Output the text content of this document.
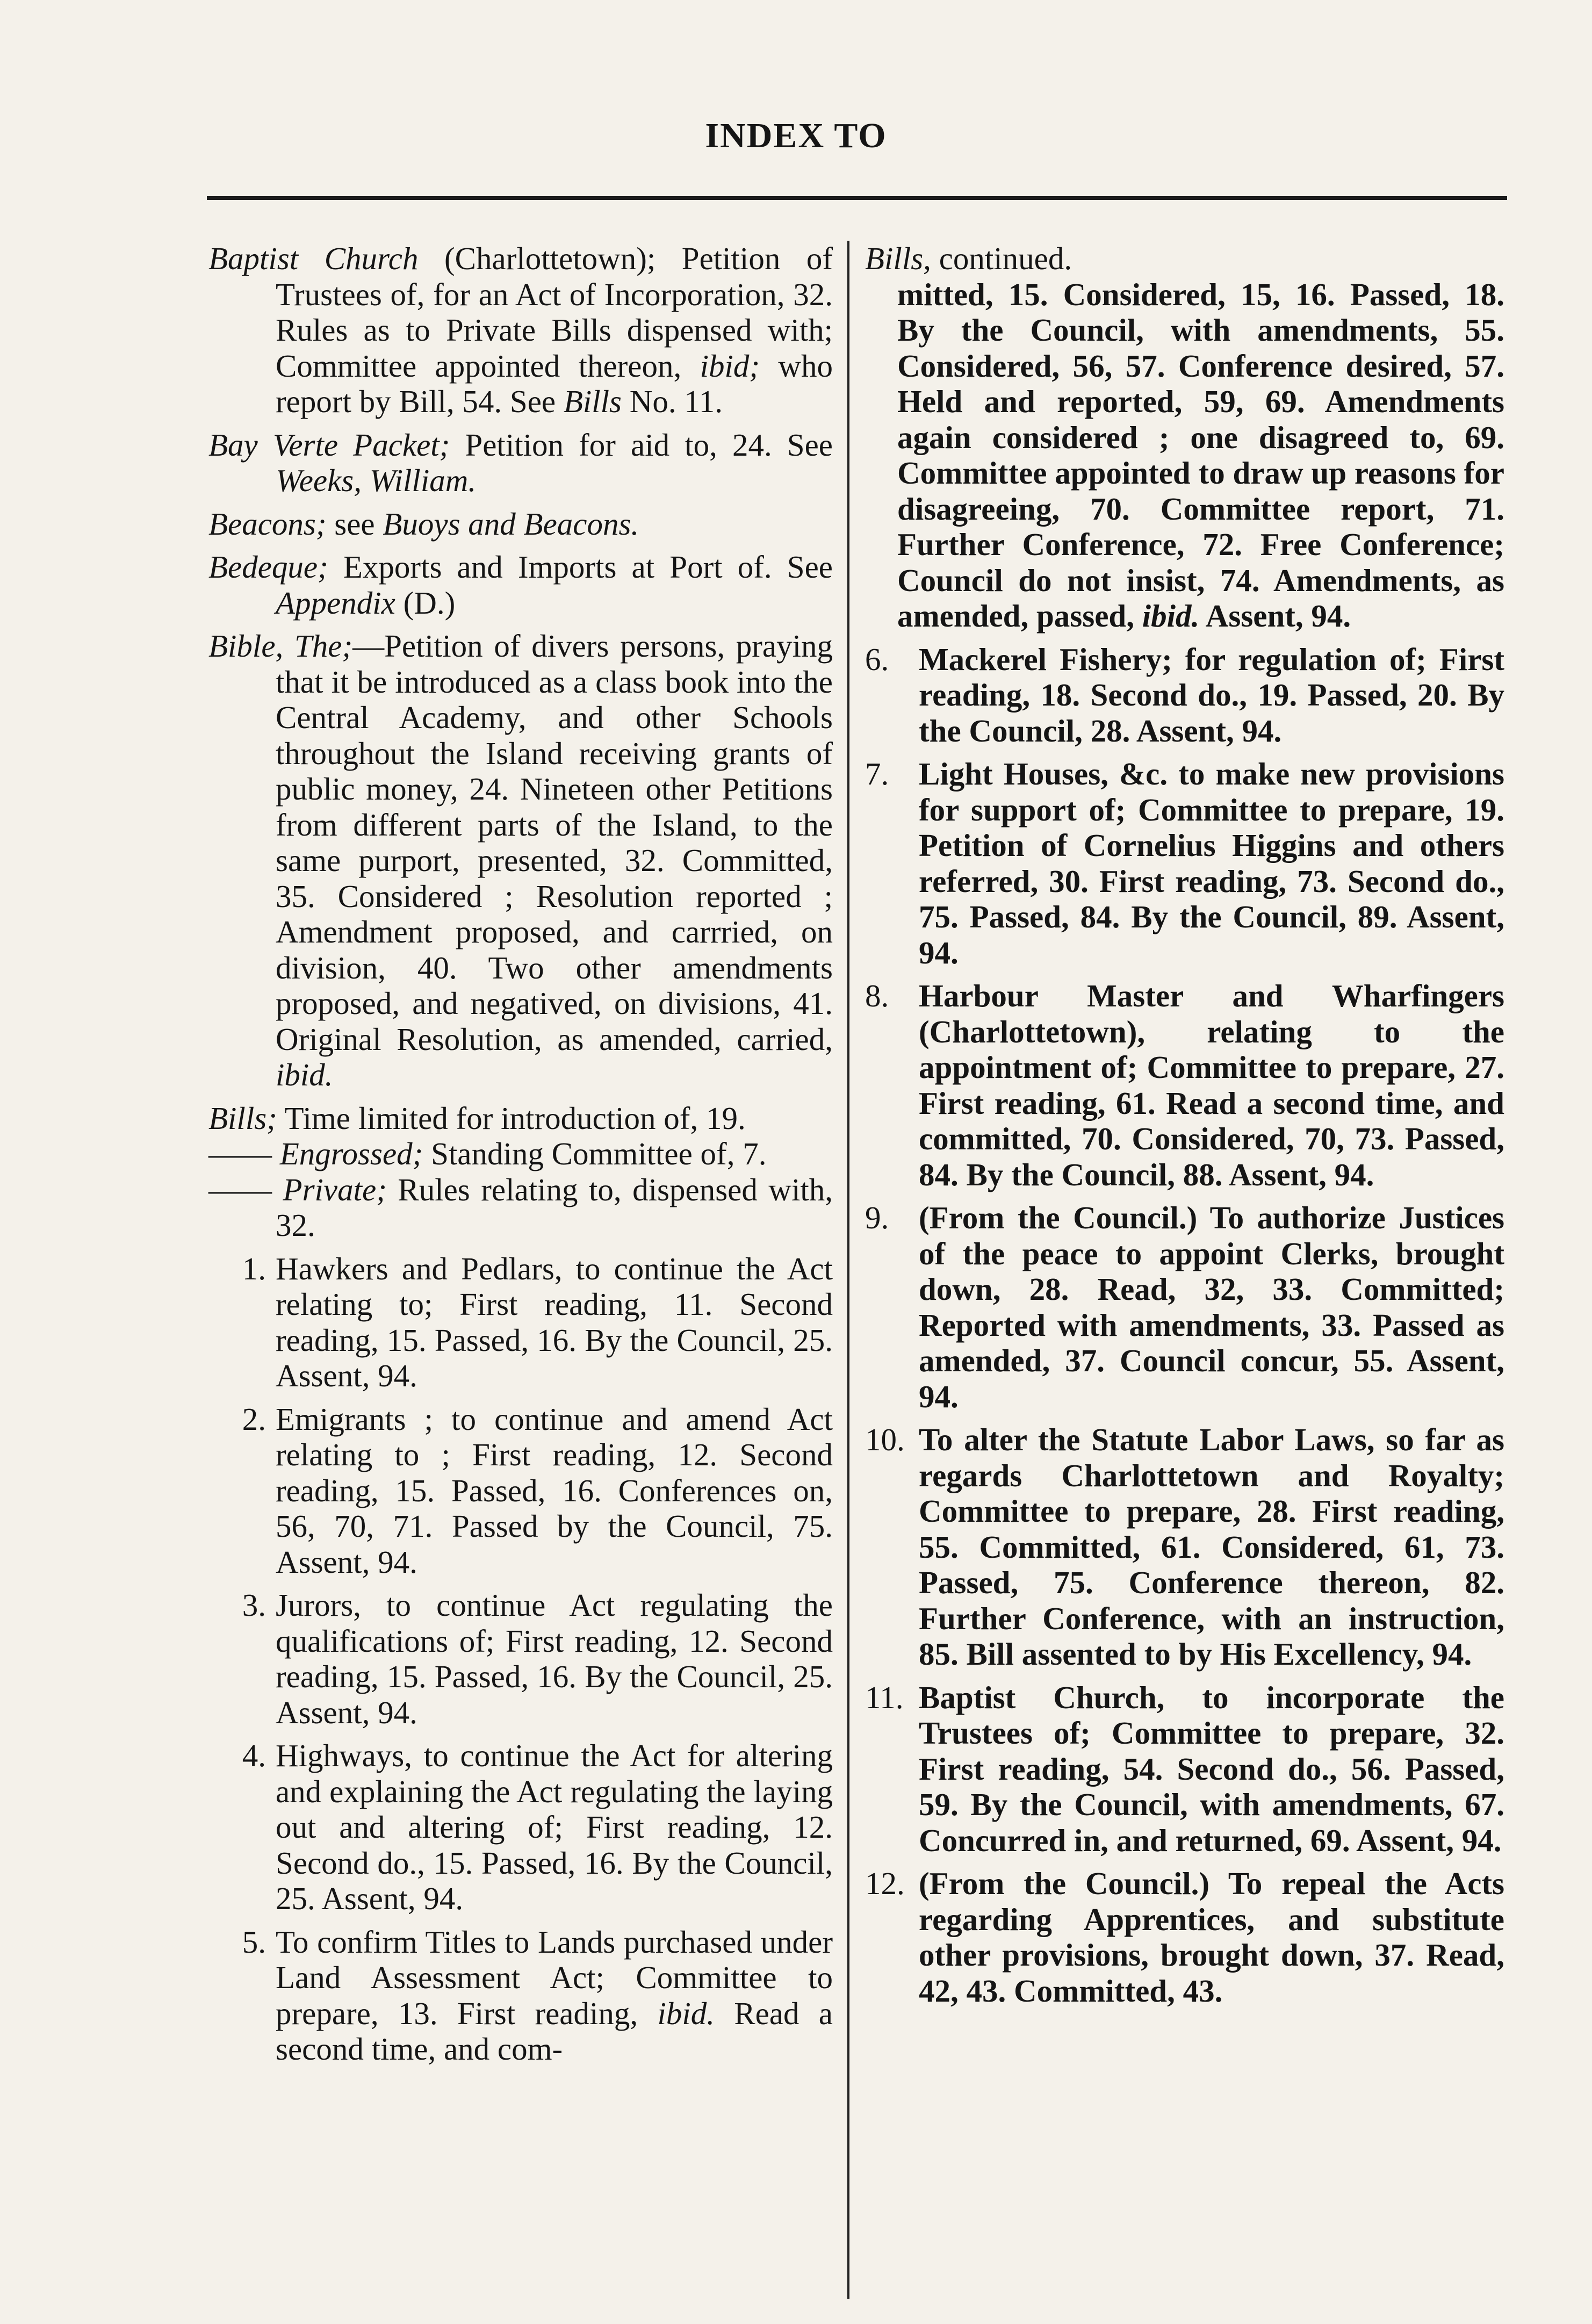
INDEX TO
Baptist Church (Charlottetown); Petition of Trustees of, for an Act of Incorporation, 32. Rules as to Private Bills dispensed with; Committee appointed thereon, ibid; who report by Bill, 54. See Bills No. 11.
Bay Verte Packet; Petition for aid to, 24. See Weeks, William.
Beacons; see Buoys and Beacons.
Bedeque; Exports and Imports at Port of. See Appendix (D.)
Bible, The;—Petition of divers persons, praying that it be introduced as a class book into the Central Academy, and other Schools throughout the Island receiving grants of public money, 24. Nineteen other Petitions from different parts of the Island, to the same purport, presented, 32. Committed, 35. Considered ; Resolution reported ; Amendment proposed, and carrried, on division, 40. Two other amendments proposed, and negatived, on divisions, 41. Original Resolution, as amended, carried, ibid.
Bills; Time limited for introduction of, 19.
—— Engrossed; Standing Committee of, 7.
—— Private; Rules relating to, dispensed with, 32.
1. Hawkers and Pedlars, to continue the Act relating to; First reading, 11. Second reading, 15. Passed, 16. By the Council, 25. Assent, 94.
2. Emigrants ; to continue and amend Act relating to ; First reading, 12. Second reading, 15. Passed, 16. Conferences on, 56, 70, 71. Passed by the Council, 75. Assent, 94.
3. Jurors, to continue Act regulating the qualifications of; First reading, 12. Second reading, 15. Passed, 16. By the Council, 25. Assent, 94.
4. Highways, to continue the Act for altering and explaining the Act regulating the laying out and altering of; First reading, 12. Second do., 15. Passed, 16. By the Council, 25. Assent, 94.
5. To confirm Titles to Lands purchased under Land Assessment Act; Committee to prepare, 13. First reading, ibid. Read a second time, and com-
Bills, continued.
mitted, 15. Considered, 15, 16. Passed, 18. By the Council, with amendments, 55. Considered, 56, 57. Conference desired, 57. Held and reported, 59, 69. Amendments again considered ; one disagreed to, 69. Committee appointed to draw up reasons for disagreeing, 70. Committee report, 71. Further Conference, 72. Free Conference; Council do not insist, 74. Amendments, as amended, passed, ibid. Assent, 94.
6. Mackerel Fishery; for regulation of; First reading, 18. Second do., 19. Passed, 20. By the Council, 28. Assent, 94.
7. Light Houses, &c. to make new provisions for support of; Committee to prepare, 19. Petition of Cornelius Higgins and others referred, 30. First reading, 73. Second do., 75. Passed, 84. By the Council, 89. Assent, 94.
8. Harbour Master and Wharfingers (Charlottetown), relating to the appointment of; Committee to prepare, 27. First reading, 61. Read a second time, and committed, 70. Considered, 70, 73. Passed, 84. By the Council, 88. Assent, 94.
9. (From the Council.) To authorize Justices of the peace to appoint Clerks, brought down, 28. Read, 32, 33. Committed; Reported with amendments, 33. Passed as amended, 37. Council concur, 55. Assent, 94.
10. To alter the Statute Labor Laws, so far as regards Charlottetown and Royalty; Committee to prepare, 28. First reading, 55. Committed, 61. Considered, 61, 73. Passed, 75. Conference thereon, 82. Further Conference, with an instruction, 85. Bill assented to by His Excellency, 94.
11. Baptist Church, to incorporate the Trustees of; Committee to prepare, 32. First reading, 54. Second do., 56. Passed, 59. By the Council, with amendments, 67. Concurred in, and returned, 69. Assent, 94.
12. (From the Council.) To repeal the Acts regarding Apprentices, and substitute other provisions, brought down, 37. Read, 42, 43. Committed, 43.
